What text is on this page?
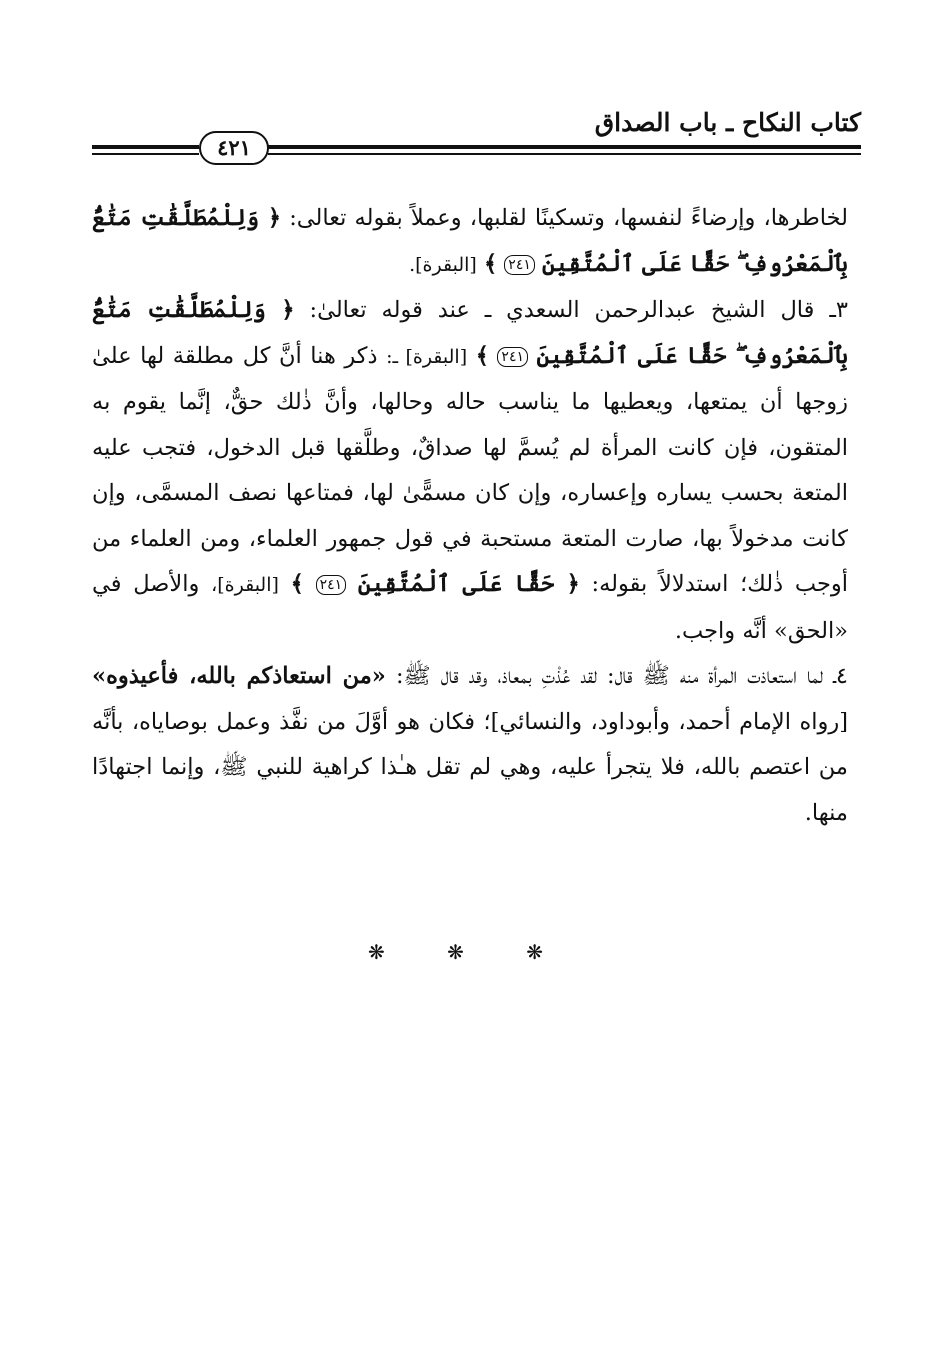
كتاب النكاح ـ باب الصداق
٤٢١

لخاطرها، وإرضاءً لنفسها، وتسكينًا لقلبها، وعملاً بقوله تعالى: ﴿ وَلِلْمُطَلَّقَٰتِ مَتَٰعٌۢ بِٱلْمَعْرُوفِ ۖ حَقًّا عَلَى ٱلْمُتَّقِينَ ٢٤١ ﴾ [البقرة].

٣ـ قال الشيخ عبدالرحمن السعدي ـ عند قوله تعالىٰ: ﴿ وَلِلْمُطَلَّقَٰتِ مَتَٰعٌۢ بِٱلْمَعْرُوفِ ۖ حَقًّا عَلَى ٱلْمُتَّقِينَ ٢٤١ ﴾ [البقرة] ـ: ذكر هنا أنَّ كل مطلقة لها علىٰ زوجها أن يمتعها، ويعطيها ما يناسب حاله وحالها، وأنَّ ذٰلك حقٌّ، إنَّما يقوم به المتقون، فإن كانت المرأة لم يُسمَّ لها صداقٌ، وطلَّقها قبل الدخول، فتجب عليه المتعة بحسب يساره وإعساره، وإن كان مسمًّىٰ لها، فمتاعها نصف المسمَّى، وإن كانت مدخولاً بها، صارت المتعة مستحبة في قول جمهور العلماء، ومن العلماء من أوجب ذٰلك؛ استدلالاً بقوله: ﴿ حَقًّا عَلَى ٱلْمُتَّقِينَ ٢٤١ ﴾ [البقرة]، والأصل في «الحق» أنَّه واجب.

٤ـ لما استعاذت المرأة منه ﷺ قال: لقد عُذْتِ بمعاذ، وقد قال ﷺ: «من استعاذكم بالله، فأعيذوه» [رواه الإمام أحمد، وأبوداود، والنسائي]؛ فكان هو أوَّلَ من نفَّذ وعمل بوصاياه، بأنَّه من اعتصم بالله، فلا يتجرأ عليه، وهي لم تقل هـٰذا كراهية للنبي ﷺ، وإنما اجتهادًا منها.

❋ ❋ ❋
